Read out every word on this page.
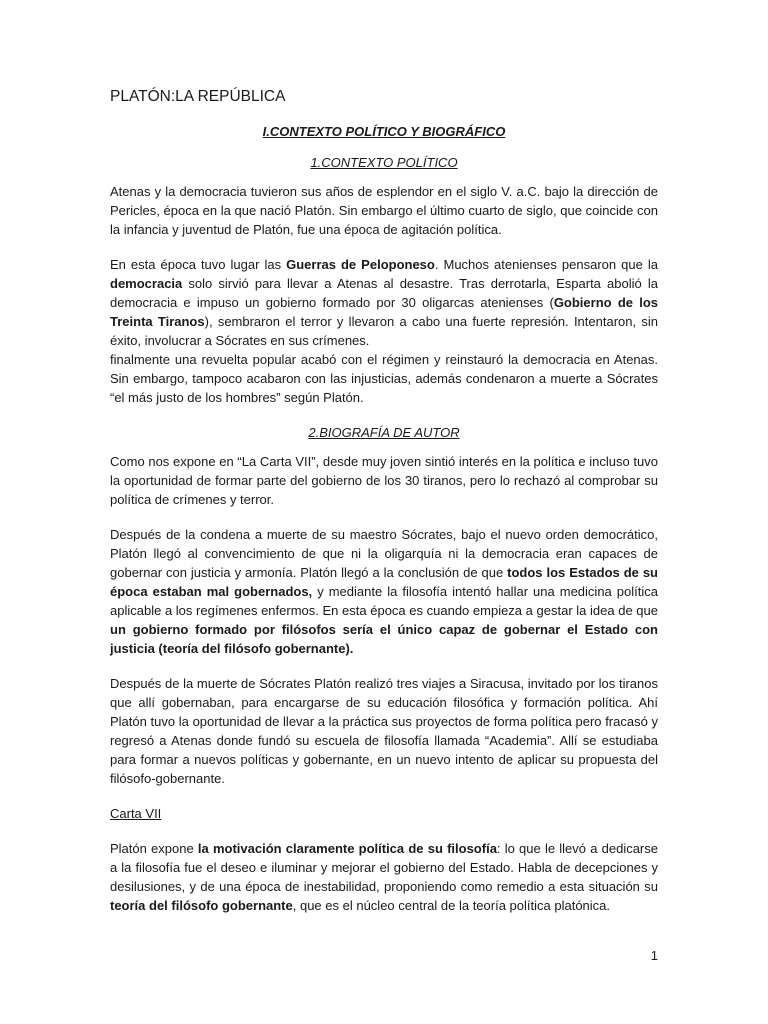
PLATÓN:LA REPÚBLICA
I.CONTEXTO POLÍTICO Y BIOGRÁFICO
1.CONTEXTO POLÍTICO

Atenas y la democracia tuvieron sus años de esplendor en el siglo V. a.C. bajo la dirección de Pericles, época en la que nació Platón. Sin embargo el último cuarto de siglo, que coincide con la infancia y juventud de Platón, fue una época de agitación política.

En esta época tuvo lugar las Guerras de Peloponeso. Muchos atenienses pensaron que la democracia solo sirvió para llevar a Atenas al desastre. Tras derrotarla, Esparta abolió la democracia e impuso un gobierno formado por 30 oligarcas atenienses (Gobierno de los Treinta Tiranos), sembraron el terror y llevaron a cabo una fuerte represión. Intentaron, sin éxito, involucrar a Sócrates en sus crímenes.

finalmente una revuelta popular acabó con el régimen y reinstauró la democracia en Atenas. Sin embargo, tampoco acabaron con las injusticias, además condenaron a muerte a Sócrates “el más justo de los hombres” según Platón.

2.BIOGRAFÍA DE AUTOR

Como nos expone en “La Carta VII”, desde muy joven sintió interés en la política e incluso tuvo la oportunidad de formar parte del gobierno de los 30 tiranos, pero lo rechazó al comprobar su política de crímenes y terror.

Después de la condena a muerte de su maestro Sócrates, bajo el nuevo orden democrático, Platón llegó al convencimiento de que ni la oligarquía ni la democracia eran capaces de gobernar con justicia y armonía. Platón llegó a la conclusión de que todos los Estados de su época estaban mal gobernados, y mediante la filosofía intentó hallar una medicina política aplicable a los regímenes enfermos. En esta época es cuando empieza a gestar la idea de que un gobierno formado por filósofos sería el único capaz de gobernar el Estado con justicia (teoría del filósofo gobernante).

Después de la muerte de Sócrates Platón realizó tres viajes a Siracusa, invitado por los tiranos que allí gobernaban, para encargarse de su educación filosófica y formación política. Ahí Platón tuvo la oportunidad de llevar a la práctica sus proyectos de forma política pero fracasó y regresó a Atenas donde fundó su escuela de filosofía llamada “Academia”. Allí se estudiaba para formar a nuevos políticas y gobernante, en un nuevo intento de aplicar su propuesta del filósofo-gobernante.

Carta VII

Platón expone la motivación claramente política de su filosofía: lo que le llevó a dedicarse a la filosofía fue el deseo e iluminar y mejorar el gobierno del Estado. Habla de decepciones y desilusiones, y de una época de inestabilidad, proponiendo como remedio a esta situación su teoría del filósofo gobernante, que es el núcleo central de la teoría política platónica.

1
